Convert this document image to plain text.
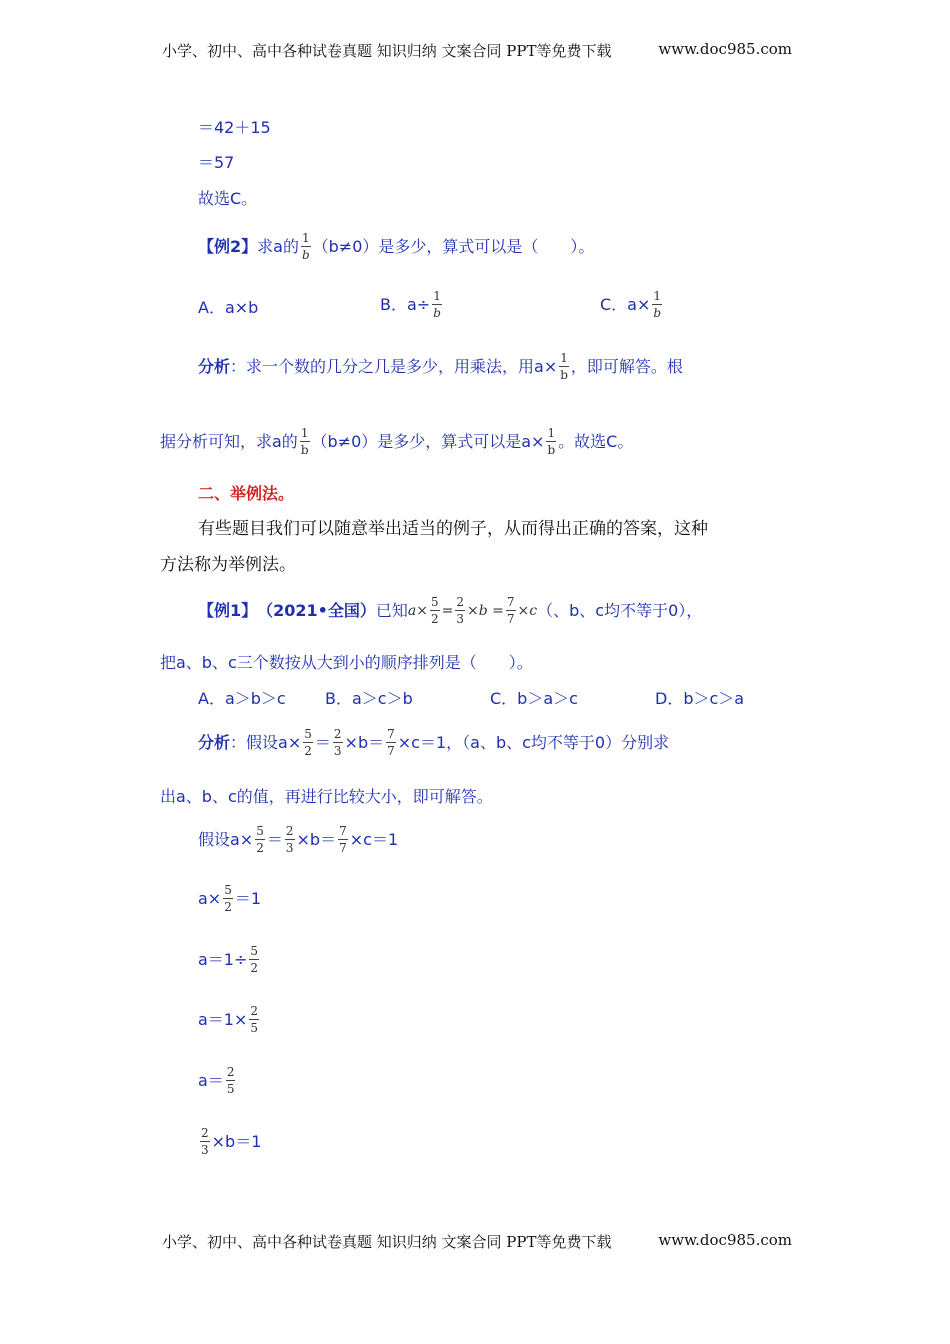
小学、初中、高中各种试卷真题 知识归纳 文案合同 PPT等免费下载	www.doc985.com
＝42＋15
＝57
故选C。
【例2】 求a的 $\frac{1}{b} (b\ne 0)$是多少，算式可以是（　　）。
A．a×b	B．$a\div \frac{1}{b}$	C．$a\times \frac{1}{b}$
分析 ：求一个数的几分之几是多少，用乘法，用$a\times \frac{1}{b}$ ，即可解答。根
据分析可知，求a的 $\frac{1}{b} (b\ne 0)$是多少，算式可以是$a\times \frac{1}{b}$ 。故选C。
二、举例法。
有些题目我们可以随意举出适当的例子，从而得出正确的答案，这种
方法称为举例法。
【例1】 （2021•全国） 已知 $a\times \frac{5}{2} = \frac{2}{3} \times b = \frac{7}{7} \times c$ （、b、c均不等于0），
把a、b、c三个数按从大到小的顺序排列是（　　）。
A．a＞b＞c B．a＞c＞b	C．b＞a＞c	D．b＞c＞a
分析 ：假设$a\times \frac{5}{2} = \frac{2}{3} \times b= \frac{7}{7} \times c=1$，（a、b、c均不等于0）分别求
出a、b、c的值，再进行比较大小，即可解答。
假设$a\times \frac{5}{2} = \frac{2}{3} \times b= \frac{7}{7} \times c=1$
$a\times \frac{5}{2} =1$
$a=1\div \frac{5}{2}$
$a=1\times \frac{2}{5}$
$a= \frac{2}{5}$
$\frac{2}{3} \times b=1$
小学、初中、高中各种试卷真题 知识归纳 文案合同 PPT等免费下载	www.doc985.com
